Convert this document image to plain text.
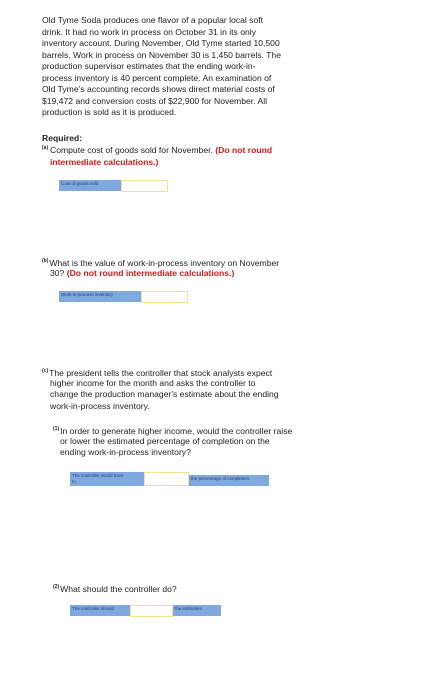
Old Tyme Soda produces one flavor of a popular local soft
drink. It had no work in process on October 31 in its only
inventory account. During November, Old Tyme started 10,500
barrels. Work in process on November 30 is 1,450 barrels. The
production supervisor estimates that the ending work-in-
process inventory is 40 percent complete. An examination of
Old Tyme’s accounting records shows direct material costs of
$19,472 and conversion costs of $22,900 for November. All
production is sold as it is produced.
Required:
(a) Compute cost of goods sold for November. (Do not round
intermediate calculations.)
Cost of goods sold
$^{(b)}$What is the value of work-in-process inventory on November
30? (Do not round intermediate calculations.)
Work-in-process inventory
$^{(c)}$The president tells the controller that stock analysts expect
higher income for the month and asks the controller to
change the production manager's estimate about the ending
work-in-process inventory.
$^{(1)}$In order to generate higher income, would the controller raise
or lower the estimated percentage of completion on the
ending work-in-process inventory?
The controller would have
to
the percentage of completion.
$^{(2)}$What should the controller do?
The controller should	the estimates.
